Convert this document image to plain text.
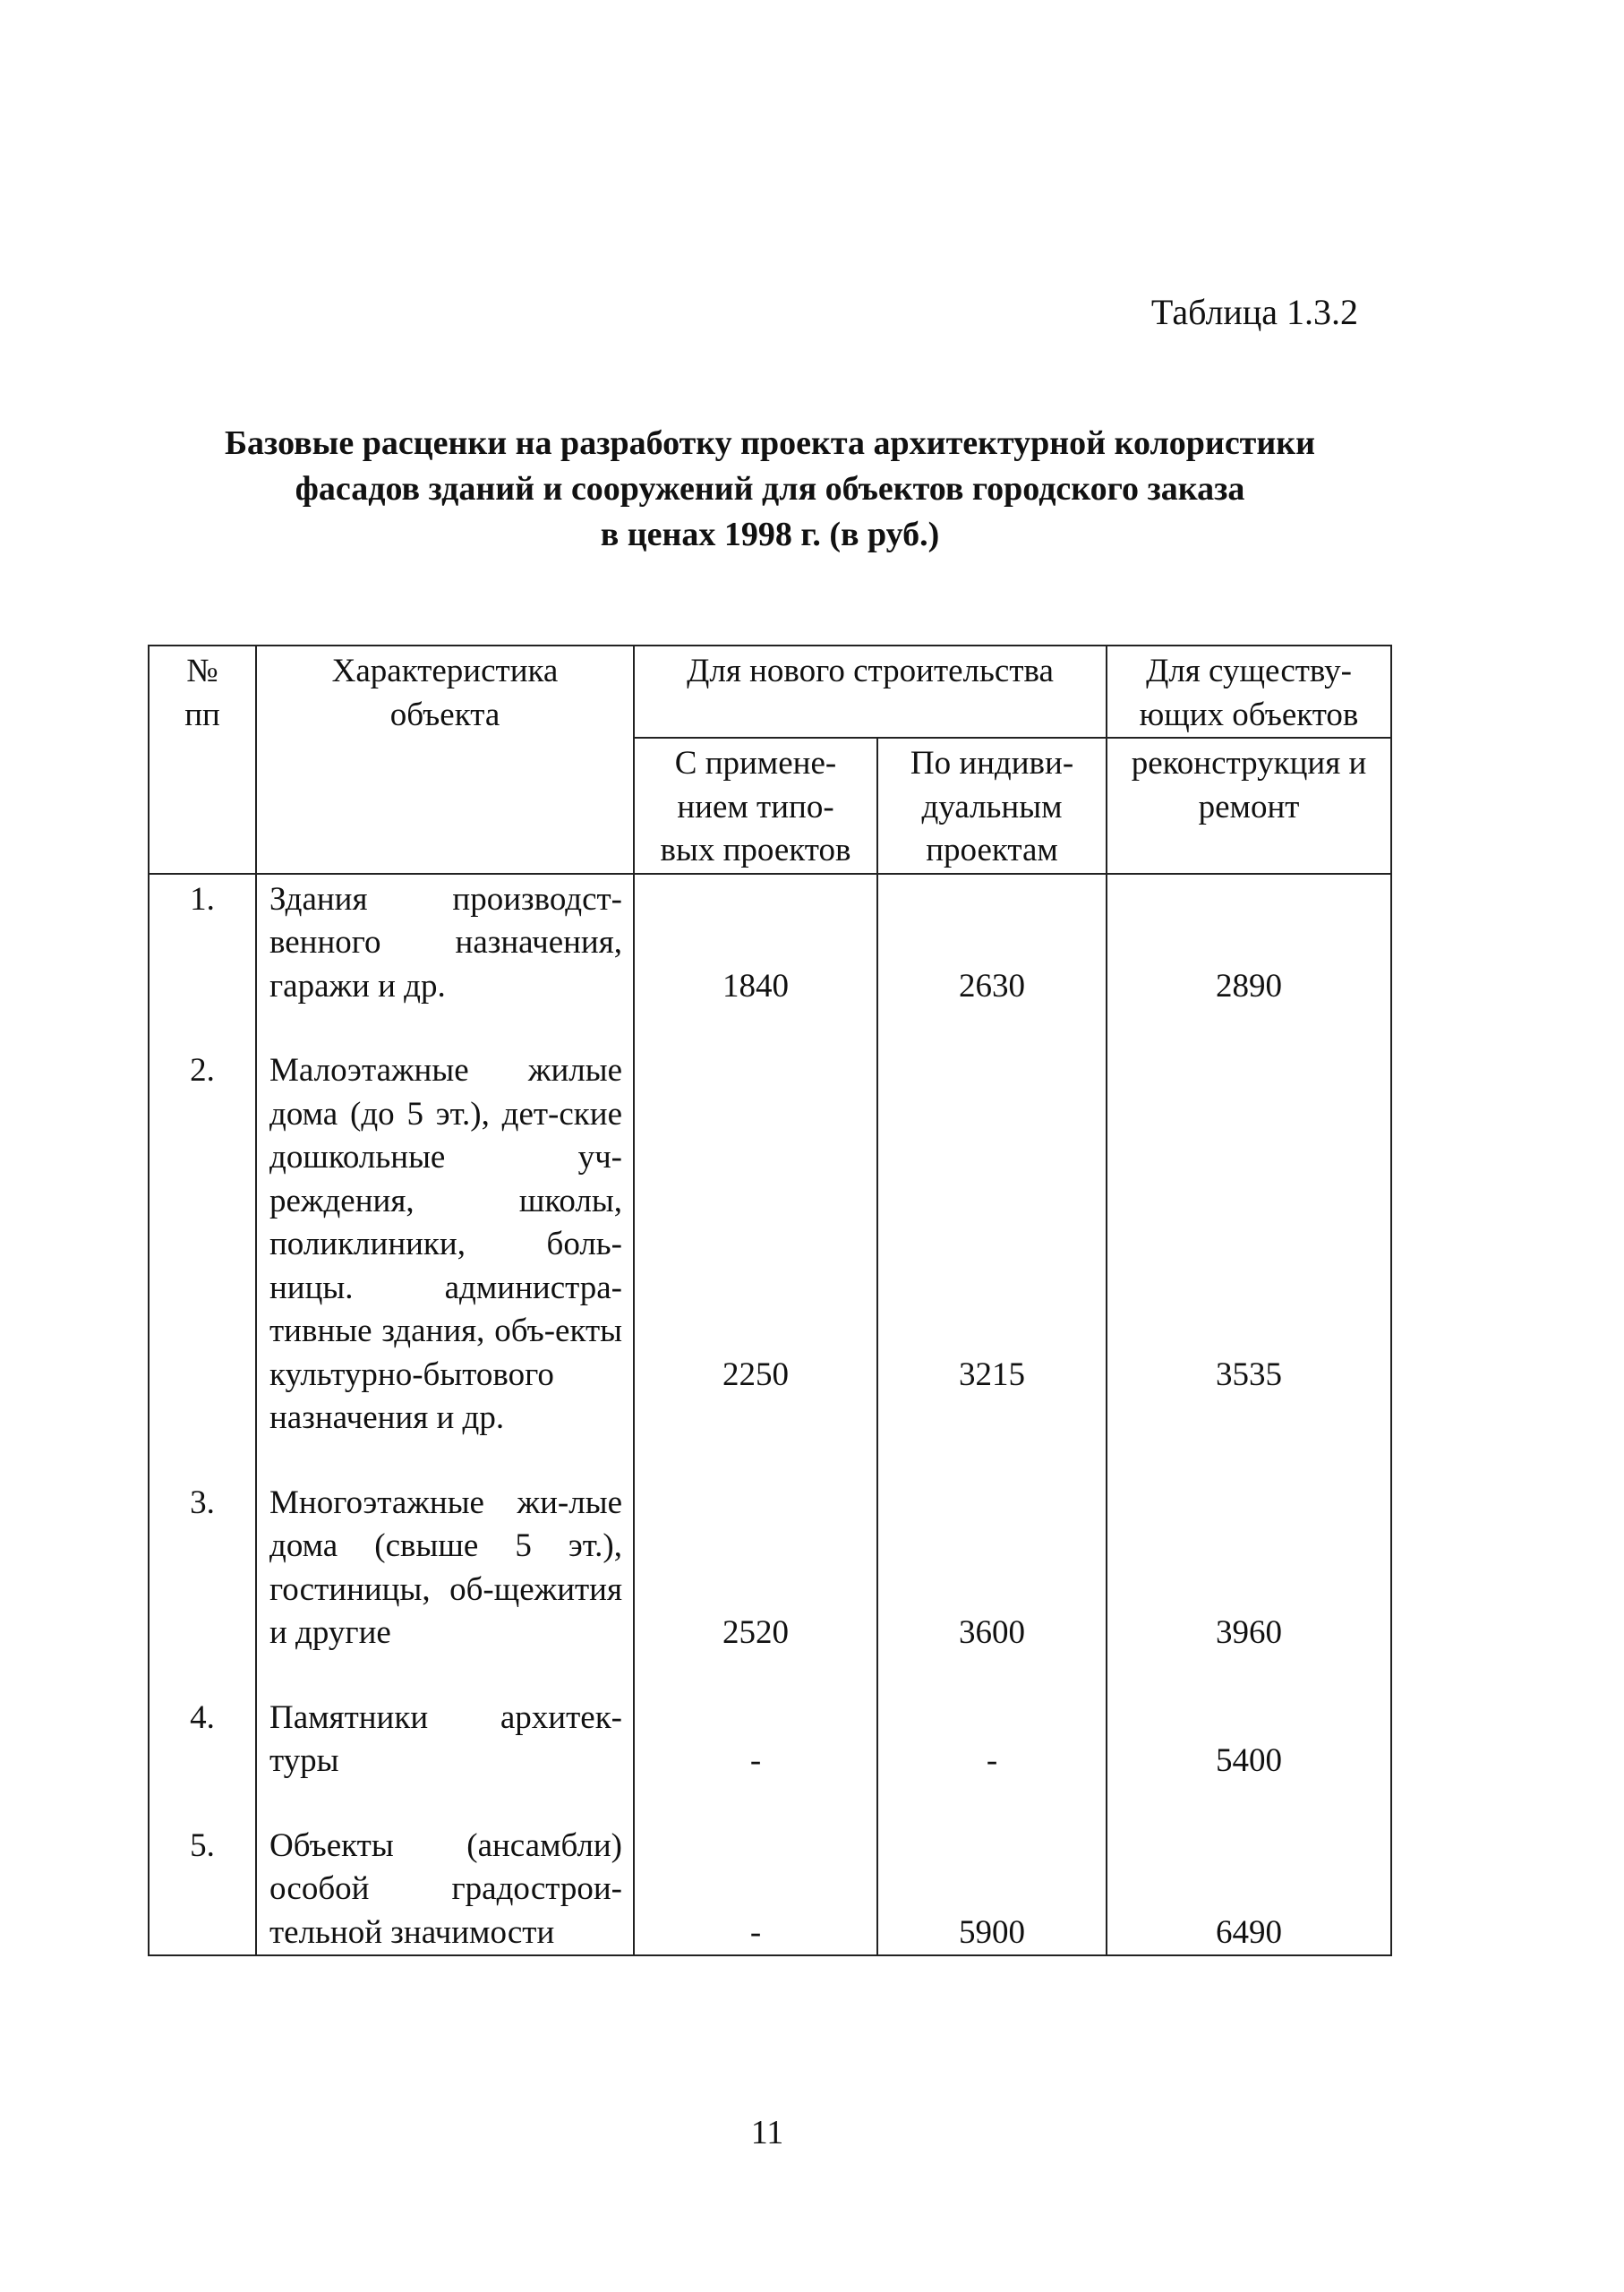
Таблица 1.3.2
Базовые расценки на разработку проекта архитектурной колористики
фасадов зданий и сооружений для объектов городского заказа
в ценах 1998 г. (в руб.)
№ пп	Характеристика объекта	Для нового строительства		Для существу-ющих объектов
		С примене-нием типо-вых проектов	По индиви-дуальным проектам	реконструкция и ремонт
1.	Здания производст-венного назначения, гаражи и др.	1840	2630	2890

2.	Малоэтажные жилые дома (до 5 эт.), дет-ские дошкольные уч-реждения, школы, поликлиники, боль-ницы. администра-тивные здания, объ-екты культурно-бытового назначения и др.	2250	3215	3535

3.	Многоэтажные жи-лые дома (свыше 5 эт.), гостиницы, об-щежития и другие	2520	3600	3960

4.	Памятники архитек-туры	-	-	5400

5.	Объекты (ансамбли) особой градострои-тельной значимости	-	5900	6490
11
